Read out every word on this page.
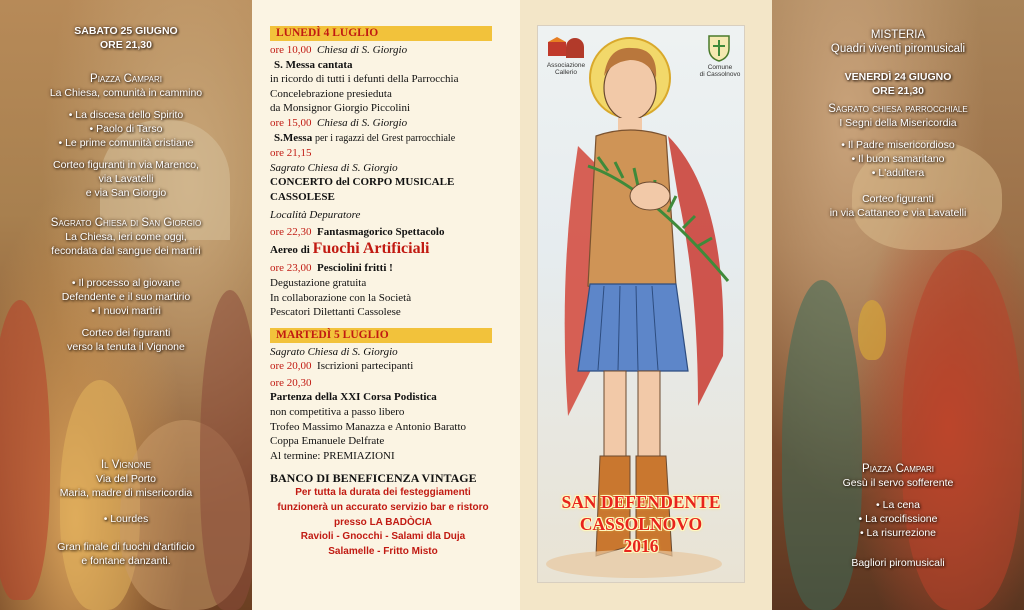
SABATO 25 GIUGNO
ORE 21,30
Piazza Campari
La Chiesa, comunità in cammino
• La discesa dello Spirito
• Paolo di Tarso
• Le prime comunità cristiane
Corteo figuranti in via Marenco,
via Lavatelli
e via San Giorgio
Sagrato Chiesa di San Giorgio
La Chiesa, ieri come oggi,
fecondata dal sangue dei martiri
• Il processo al giovane
Defendente e il suo martirio
• I nuovi martiri
Corteo dei figuranti
verso la tenuta il Vignone
Il Vignone
Via del Porto
Maria, madre di misericordia
• Lourdes
Gran finale di fuochi d'artificio
e fontane danzanti.
LUNEDÌ 4 LUGLIO
ore 10,00 Chiesa di S. Giorgio
S. Messa cantata
in ricordo di tutti i defunti della Parrocchia
Concelebrazione presieduta
da Monsignor Giorgio Piccolini
ore 15,00 Chiesa di S. Giorgio
S.Messa per i ragazzi del Grest parrocchiale
ore 21,15
Sagrato Chiesa di S. Giorgio
CONCERTO del CORPO MUSICALE
CASSOLESE
Località Depuratore
ore 22,30 Fantasmagorico Spettacolo
Aereo di Fuochi Artificiali
ore 23,00 Pesciolini fritti !
Degustazione gratuita
In collaborazione con la Società
Pescatori Dilettanti Cassolese
MARTEDÌ 5 LUGLIO
Sagrato Chiesa di S. Giorgio
ore 20,00 Iscrizioni partecipanti
ore 20,30
Partenza della XXI Corsa Podistica
non competitiva a passo libero
Trofeo Massimo Manazza e Antonio Baratto
Coppa Emanuele Delfrate
Al termine: PREMIAZIONI
BANCO DI BENEFICENZA VINTAGE
Per tutta la durata dei festeggiamenti
funzionerà un accurato servizio bar e ristoro
presso LA BADÒCIA
Ravioli - Gnocchi - Salami dla Duja
Salamelle - Fritto Misto
Associazione
Callerio
Comune
di Cassolnovo
SAN DEFENDENTE
CASSOLNOVO
2016
MISTERIA
Quadri viventi piromusicali
VENERDÌ 24 GIUGNO
ORE 21,30
Sagrato chiesa parrocchiale
I Segni della Misericordia
• Il Padre misericordioso
• Il buon samaritano
• L'adultera
Corteo figuranti
in via Cattaneo e via Lavatelli
Piazza Campari
Gesù il servo sofferente
• La cena
• La crocifissione
• La risurrezione
Bagliori piromusicali
